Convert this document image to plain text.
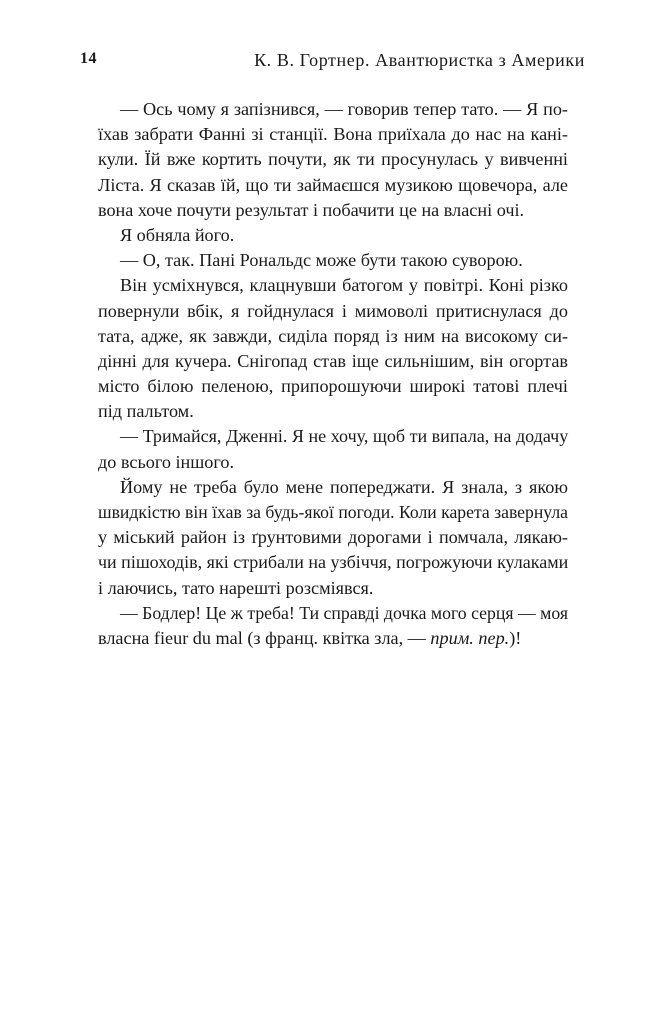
14	К. В. Гортнер. Авантюристка з Америки
— Ось чому я запізнився, — говорив тепер тато. — Я по-
їхав забрати Фанні зі станції. Вона приїхала до нас на кані-
кули. Їй вже кортить почути, як ти просунулась у вивченні
Ліста. Я сказав їй, що ти займаєшся музикою щовечора, але
вона хоче почути результат і побачити це на власні очі.
Я обняла його.
— О, так. Пані Рональдс може бути такою суворою.
Він усміхнувся, клацнувши батогом у повітрі. Коні різко
повернули вбік, я гойднулася і мимоволі притиснулася до
тата, адже, як завжди, сиділа поряд із ним на високому си-
дінні для кучера. Снігопад став іще сильнішим, він огортав
місто білою пеленою, припорошуючи широкі татові плечі
під пальтом.
— Тримайся, Дженні. Я не хочу, щоб ти випала, на додачу
до всього іншого.
Йому не треба було мене попереджати. Я знала, з якою
швидкістю він їхав за будь-якої погоди. Коли карета завернула
у міський район із ґрунтовими дорогами і помчала, лякаю-
чи пішоходів, які стрибали на узбіччя, погрожуючи кулаками
і лаючись, тато нарешті розсміявся.
— Бодлер! Це ж треба! Ти справді дочка мого серця — моя
власна fieur du mal (з франц. квітка зла, — прим. пер.)!
